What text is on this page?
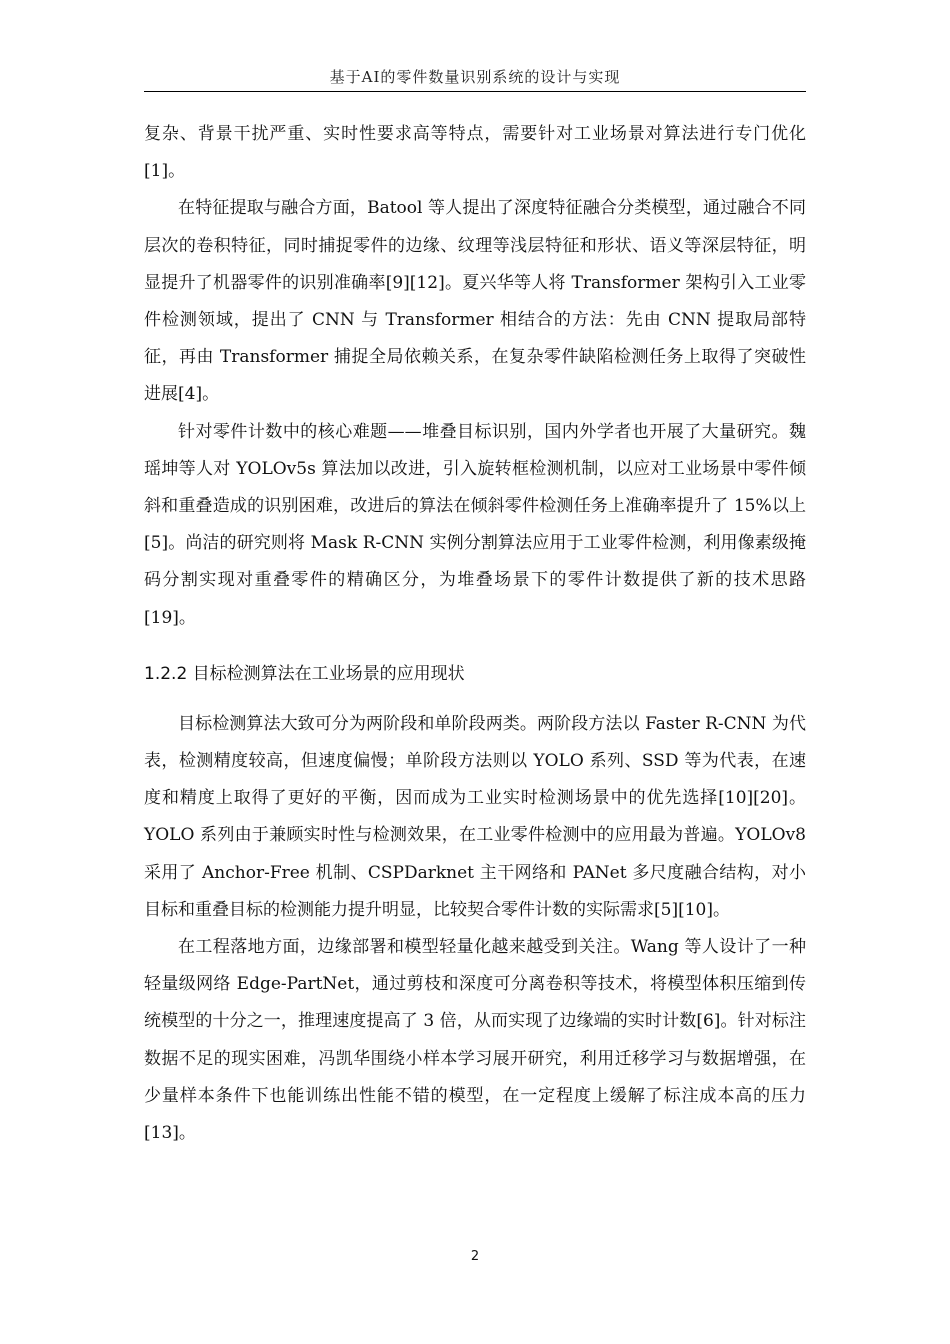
基于AI的零件数量识别系统的设计与实现

复杂、背景干扰严重、实时性要求高等特点，需要针对工业场景对算法进行专门优化[1]。

在特征提取与融合方面，Batool 等人提出了深度特征融合分类模型，通过融合不同层次的卷积特征，同时捕捉零件的边缘、纹理等浅层特征和形状、语义等深层特征，明显提升了机器零件的识别准确率[9][12]。夏兴华等人将 Transformer 架构引入工业零件检测领域，提出了 CNN 与 Transformer 相结合的方法：先由 CNN 提取局部特征，再由 Transformer 捕捉全局依赖关系，在复杂零件缺陷检测任务上取得了突破性进展[4]。

针对零件计数中的核心难题——堆叠目标识别，国内外学者也开展了大量研究。魏瑶坤等人对 YOLOv5s 算法加以改进，引入旋转框检测机制，以应对工业场景中零件倾斜和重叠造成的识别困难，改进后的算法在倾斜零件检测任务上准确率提升了 15%以上[5]。尚洁的研究则将 Mask R-CNN 实例分割算法应用于工业零件检测，利用像素级掩码分割实现对重叠零件的精确区分，为堆叠场景下的零件计数提供了新的技术思路[19]。

1.2.2 目标检测算法在工业场景的应用现状

目标检测算法大致可分为两阶段和单阶段两类。两阶段方法以 Faster R-CNN 为代表，检测精度较高，但速度偏慢；单阶段方法则以 YOLO 系列、SSD 等为代表，在速度和精度上取得了更好的平衡，因而成为工业实时检测场景中的优先选择[10][20]。YOLO 系列由于兼顾实时性与检测效果，在工业零件检测中的应用最为普遍。YOLOv8 采用了 Anchor-Free 机制、CSPDarknet 主干网络和 PANet 多尺度融合结构，对小目标和重叠目标的检测能力提升明显，比较契合零件计数的实际需求[5][10]。

在工程落地方面，边缘部署和模型轻量化越来越受到关注。Wang 等人设计了一种轻量级网络 Edge-PartNet，通过剪枝和深度可分离卷积等技术，将模型体积压缩到传统模型的十分之一，推理速度提高了 3 倍，从而实现了边缘端的实时计数[6]。针对标注数据不足的现实困难，冯凯华围绕小样本学习展开研究，利用迁移学习与数据增强，在少量样本条件下也能训练出性能不错的模型，在一定程度上缓解了标注成本高的压力[13]。

2
